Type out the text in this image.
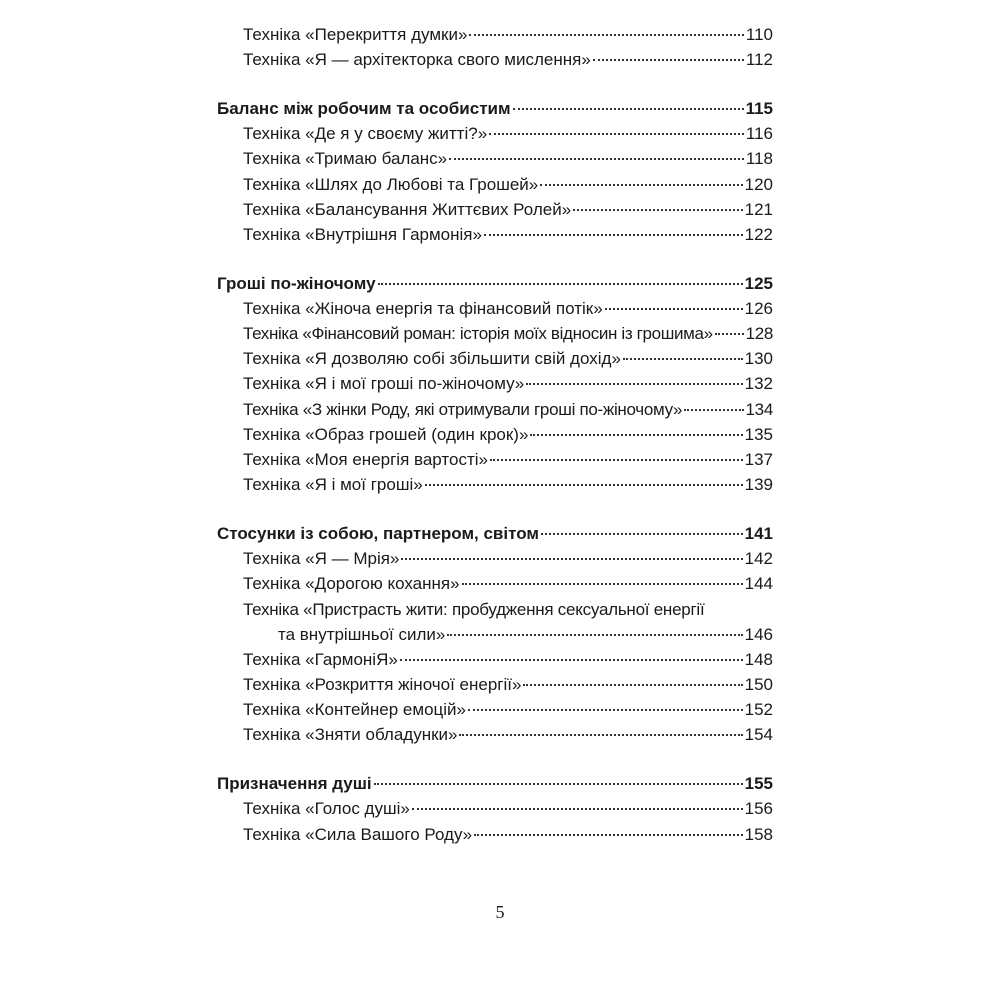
Техніка «Перекриття думки»	110
Техніка «Я — архітекторка свого мислення»	112
Баланс між робочим та особистим	115
Техніка «Де я у своєму житті?»	116
Техніка «Тримаю баланс»	118
Техніка «Шлях до Любові та Грошей»	120
Техніка «Балансування Життєвих Ролей»	121
Техніка «Внутрішня Гармонія»	122
Гроші по-жіночому	125
Техніка «Жіноча енергія та фінансовий потік»	126
Техніка «Фінансовий роман: історія моїх відносин із грошима» 128
Техніка «Я дозволяю собі збільшити свій дохід»	130
Техніка «Я і мої гроші по-жіночому»	132
Техніка «З жінки Роду, які отримували гроші по-жіночому»	134
Техніка «Образ грошей (один крок)»	135
Техніка «Моя енергія вартості»	137
Техніка «Я і мої гроші»	139
Стосунки із собою, партнером, світом	141
Техніка «Я — Мрія»	142
Техніка «Дорогою кохання»	144
Техніка «Пристрасть жити: пробудження сексуальної енергії
та внутрішньої сили»	146
Техніка «ГармоніЯ»	148
Техніка «Розкриття жіночої енергії»	150
Техніка «Контейнер емоцій»	152
Техніка «Зняти обладунки»	154
Призначення душі	155
Техніка «Голос душі»	156
Техніка «Сила Вашого Роду»	158
5
